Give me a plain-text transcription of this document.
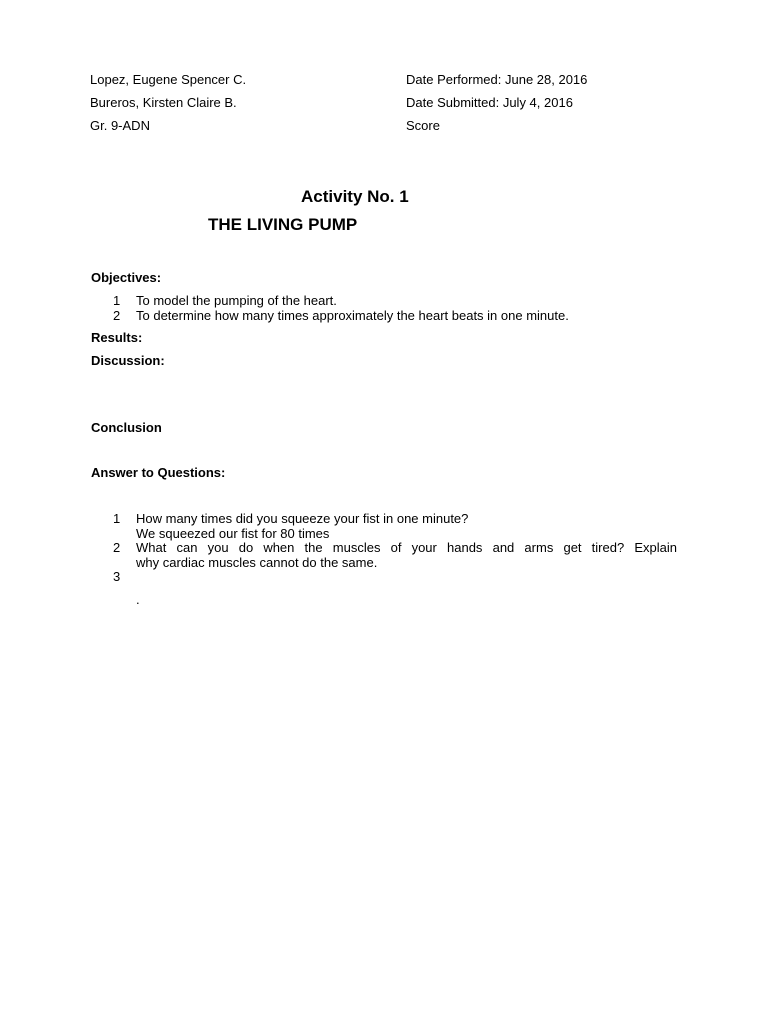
Lopez, Eugene Spencer C.
Bureros, Kirsten Claire B.
Gr. 9-ADN
Date Performed: June 28, 2016
Date Submitted: July 4, 2016
Score
Activity No. 1
THE LIVING PUMP
Objectives:
1 To model the pumping of the heart.
2 To determine how many times approximately the heart beats in one minute.
Results:
Discussion:
Conclusion
Answer to Questions:
1 How many times did you squeeze your fist in one minute?
We squeezed our fist for 80 times
2 What can you do when the muscles of your hands and arms get tired? Explain
why cardiac muscles cannot do the same.
3
.
